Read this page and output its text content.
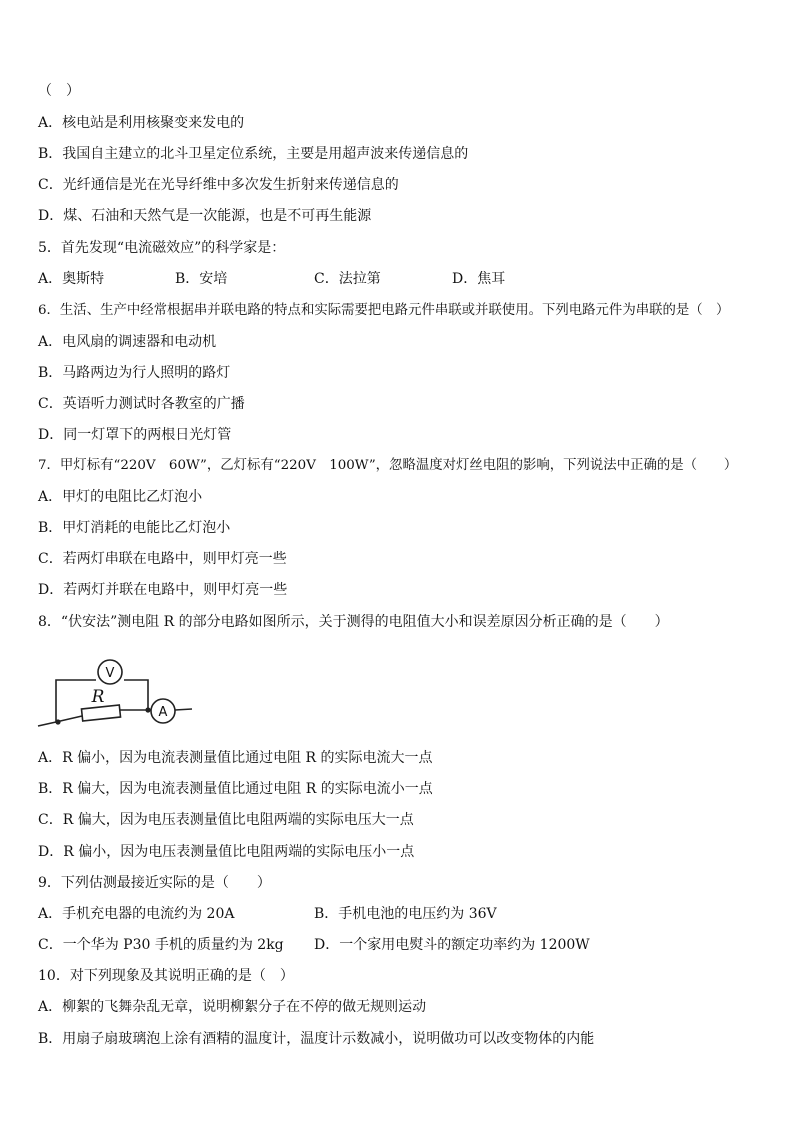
（　）
A．核电站是利用核聚变来发电的
B．我国自主建立的北斗卫星定位系统，主要是用超声波来传递信息的
C．光纤通信是光在光导纤维中多次发生折射来传递信息的
D．煤、石油和天然气是一次能源，也是不可再生能源
5．首先发现“电流磁效应”的科学家是：
A．奥斯特	B．安培	C．法拉第	D．焦耳
6．生活、生产中经常根据串并联电路的特点和实际需要把电路元件串联或并联使用。下列电路元件为串联的是（　）
A．电风扇的调速器和电动机
B．马路两边为行人照明的路灯
C．英语听力测试时各教室的广播
D．同一灯罩下的两根日光灯管
7．甲灯标有“220V　60W”，乙灯标有“220V　100W”，忽略温度对灯丝电阻的影响，下列说法中正确的是（　　）
A．甲灯的电阻比乙灯泡小
B．甲灯消耗的电能比乙灯泡小
C．若两灯串联在电路中，则甲灯亮一些
D．若两灯并联在电路中，则甲灯亮一些
8．“伏安法”测电阻 R 的部分电路如图所示，关于测得的电阻值大小和误差原因分析正确的是（　　）
V
R
A
A．R 偏小，因为电流表测量值比通过电阻 R 的实际电流大一点
B．R 偏大，因为电流表测量值比通过电阻 R 的实际电流小一点
C．R 偏大，因为电压表测量值比电阻两端的实际电压大一点
D．R 偏小，因为电压表测量值比电阻两端的实际电压小一点
9．下列估测最接近实际的是（　　）
A．手机充电器的电流约为 20A	B．手机电池的电压约为 36V
C．一个华为 P30 手机的质量约为 2kg D．一个家用电熨斗的额定功率约为 1200W
10．对下列现象及其说明正确的是（　）
A．柳絮的飞舞杂乱无章，说明柳絮分子在不停的做无规则运动
B．用扇子扇玻璃泡上涂有酒精的温度计，温度计示数减小，说明做功可以改变物体的内能
